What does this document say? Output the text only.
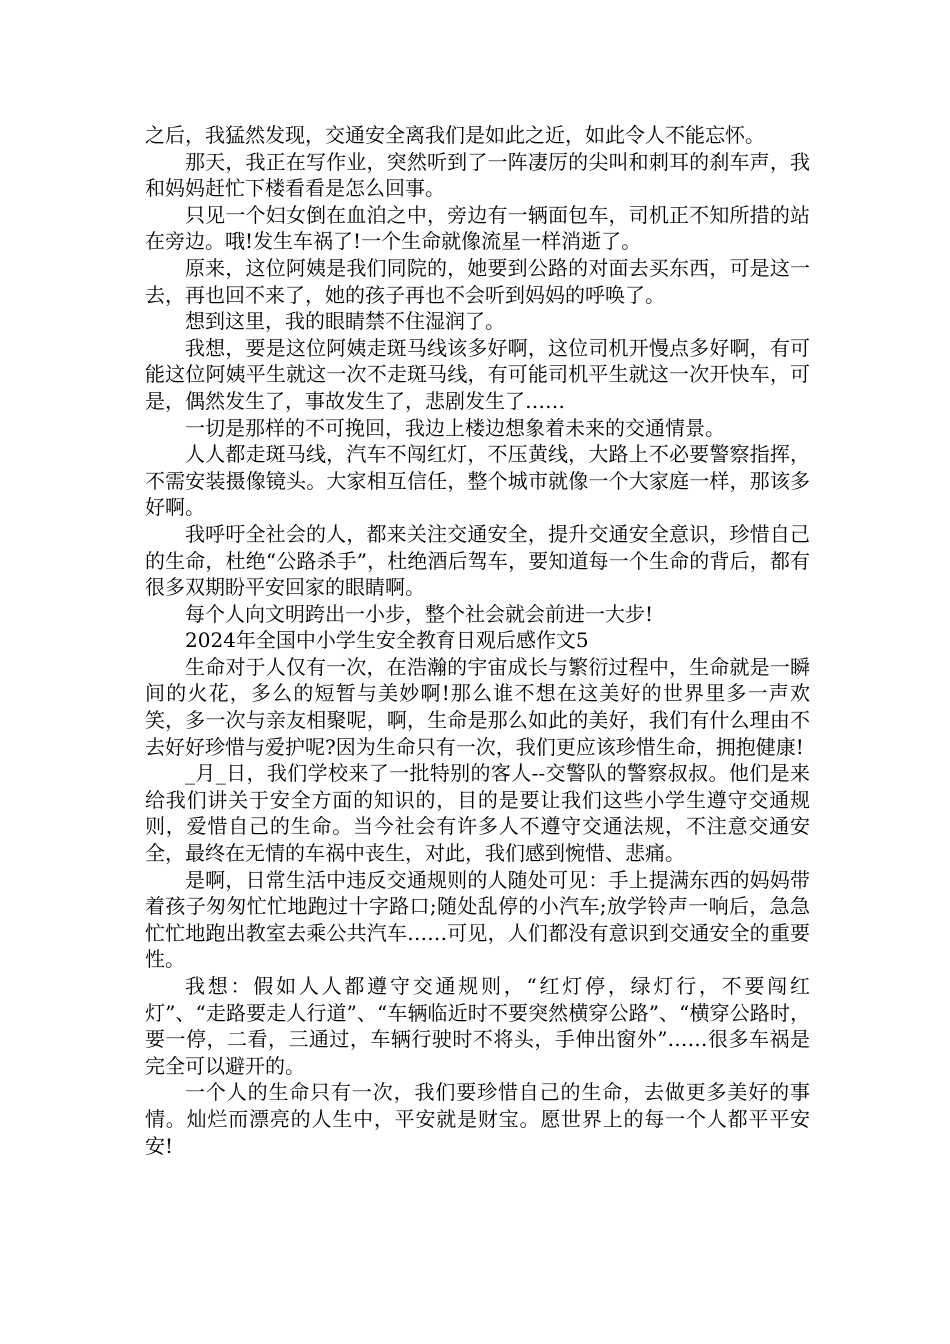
之后，我猛然发现，交通安全离我们是如此之近，如此令人不能忘怀。

那天，我正在写作业，突然听到了一阵凄厉的尖叫和刺耳的刹车声，我和妈妈赶忙下楼看看是怎么回事。

只见一个妇女倒在血泊之中，旁边有一辆面包车，司机正不知所措的站在旁边。哦!发生车祸了!一个生命就像流星一样消逝了。

原来，这位阿姨是我们同院的，她要到公路的对面去买东西，可是这一去，再也回不来了，她的孩子再也不会听到妈妈的呼唤了。

想到这里，我的眼睛禁不住湿润了。

我想，要是这位阿姨走斑马线该多好啊，这位司机开慢点多好啊，有可能这位阿姨平生就这一次不走斑马线，有可能司机平生就这一次开快车，可是，偶然发生了，事故发生了，悲剧发生了……

一切是那样的不可挽回，我边上楼边想象着未来的交通情景。

人人都走斑马线，汽车不闯红灯，不压黄线，大路上不必要警察指挥，不需安装摄像镜头。大家相互信任，整个城市就像一个大家庭一样，那该多好啊。

我呼吁全社会的人，都来关注交通安全，提升交通安全意识，珍惜自己的生命，杜绝“公路杀手”，杜绝酒后驾车，要知道每一个生命的背后，都有很多双期盼平安回家的眼睛啊。

每个人向文明跨出一小步，整个社会就会前进一大步!

2024年全国中小学生安全教育日观后感作文5

生命对于人仅有一次，在浩瀚的宇宙成长与繁衍过程中，生命就是一瞬间的火花，多么的短暂与美妙啊!那么谁不想在这美好的世界里多一声欢笑，多一次与亲友相聚呢，啊，生命是那么如此的美好，我们有什么理由不去好好珍惜与爱护呢?因为生命只有一次，我们更应该珍惜生命，拥抱健康!

_月_日，我们学校来了一批特别的客人--交警队的警察叔叔。他们是来给我们讲关于安全方面的知识的，目的是要让我们这些小学生遵守交通规则，爱惜自己的生命。当今社会有许多人不遵守交通法规，不注意交通安全，最终在无情的车祸中丧生，对此，我们感到惋惜、悲痛。

是啊，日常生活中违反交通规则的人随处可见：手上提满东西的妈妈带着孩子匆匆忙忙地跑过十字路口;随处乱停的小汽车;放学铃声一响后，急急忙忙地跑出教室去乘公共汽车……可见，人们都没有意识到交通安全的重要性。

我想：假如人人都遵守交通规则，“红灯停，绿灯行，不要闯红灯”、“走路要走人行道”、“车辆临近时不要突然横穿公路”、“横穿公路时，要一停，二看，三通过，车辆行驶时不将头，手伸出窗外”……很多车祸是完全可以避开的。

一个人的生命只有一次，我们要珍惜自己的生命，去做更多美好的事情。灿烂而漂亮的人生中，平安就是财宝。愿世界上的每一个人都平平安安!
